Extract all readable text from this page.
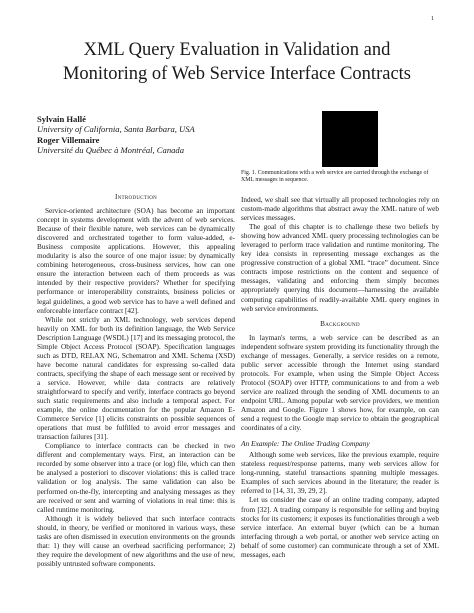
1
XML Query Evaluation in Validation and
Monitoring of Web Service Interface Contracts
Sylvain Hallé
University of California, Santa Barbara, USA
Roger Villemaire
Université du Québec à Montréal, Canada
Fig. 1. Communications with a web service are carried through the exchange of XML messages in sequence.
Introduction

Service-oriented architecture (SOA) has become an important concept in systems development with the advent of web services. Because of their flexible nature, web services can be dynamically discovered and orchestrated together to form value-added, e-Business composite applications. However, this appealing modularity is also the source of one major issue: by dynamically combining heterogeneous, cross-business services, how can one ensure the interaction between each of them proceeds as was intended by their respective providers? Whether for specifying performance or interoperability constraints, business policies or legal guidelines, a good web service has to have a well defined and enforceable interface contract [42].

While not strictly an XML technology, web services depend heavily on XML for both its definition language, the Web Service Description Language (WSDL) [17] and its messaging protocol, the Simple Object Access Protocol (SOAP). Specification languages such as DTD, RELAX NG, Schematron and XML Schema (XSD) have become natural candidates for expressing so-called data contracts, specifying the shape of each message sent or received by a service. However, while data contracts are relatively straightforward to specify and verify, interface contracts go beyond such static requirements and also include a temporal aspect. For example, the online documentation for the popular Amazon E-Commerce Service [1] elicits constraints on possible sequences of operations that must be fulfilled to avoid error messages and transaction failures [31].

Compliance to interface contracts can be checked in two different and complementary ways. First, an interaction can be recorded by some observer into a trace (or log) file, which can then be analysed a posteriori to discover violations: this is called trace validation or log analysis. The same validation can also be performed on-the-fly, intercepting and analysing messages as they are received or sent and warning of violations in real time: this is called runtime monitoring.

Although it is widely believed that such interface contracts should, in theory, be verified or monitored in various ways, these tasks are often dismissed in execution environments on the grounds that: 1) they will cause an overhead sacrificing performance; 2) they require the development of new algorithms and the use of new, possibly untrusted software components.

Indeed, we shall see that virtually all proposed technologies rely on custom-made algorithms that abstract away the XML nature of web services messages.

The goal of this chapter is to challenge these two beliefs by showing how advanced XML query processing technologies can be leveraged to perform trace validation and runtime monitoring. The key idea consists in representing message exchanges as the progressive construction of a global XML “trace” document. Since contracts impose restrictions on the content and sequence of messages, validating and enforcing them simply becomes appropriately querying this document—harnessing the available computing capabilities of readily-available XML query engines in web service environments.

Background

In layman's terms, a web service can be described as an independent software system providing its functionality through the exchange of messages. Generally, a service resides on a remote, public server accessible through the Internet using standard protocols. For example, when using the Simple Object Access Protocol (SOAP) over HTTP, communications to and from a web service are realized through the sending of XML documents to an endpoint URL. Among popular web service providers, we mention Amazon and Google. Figure 1 shows how, for example, on can send a request to the Google map service to obtain the geographical coordinates of a city.

An Example: The Online Trading Company

Although some web services, like the previous example, require stateless request/response patterns, many web services allow for long-running, stateful transactions spanning multiple messages. Examples of such services abound in the literature; the reader is referred to [14, 31, 39, 29, 2].

Let us consider the case of an online trading company, adapted from [32]. A trading company is responsible for selling and buying stocks for its customers; it exposes its functionalities through a web service interface. An external buyer (which can be a human interfacing through a web portal, or another web service acting on behalf of some customer) can communicate through a set of XML messages, each
